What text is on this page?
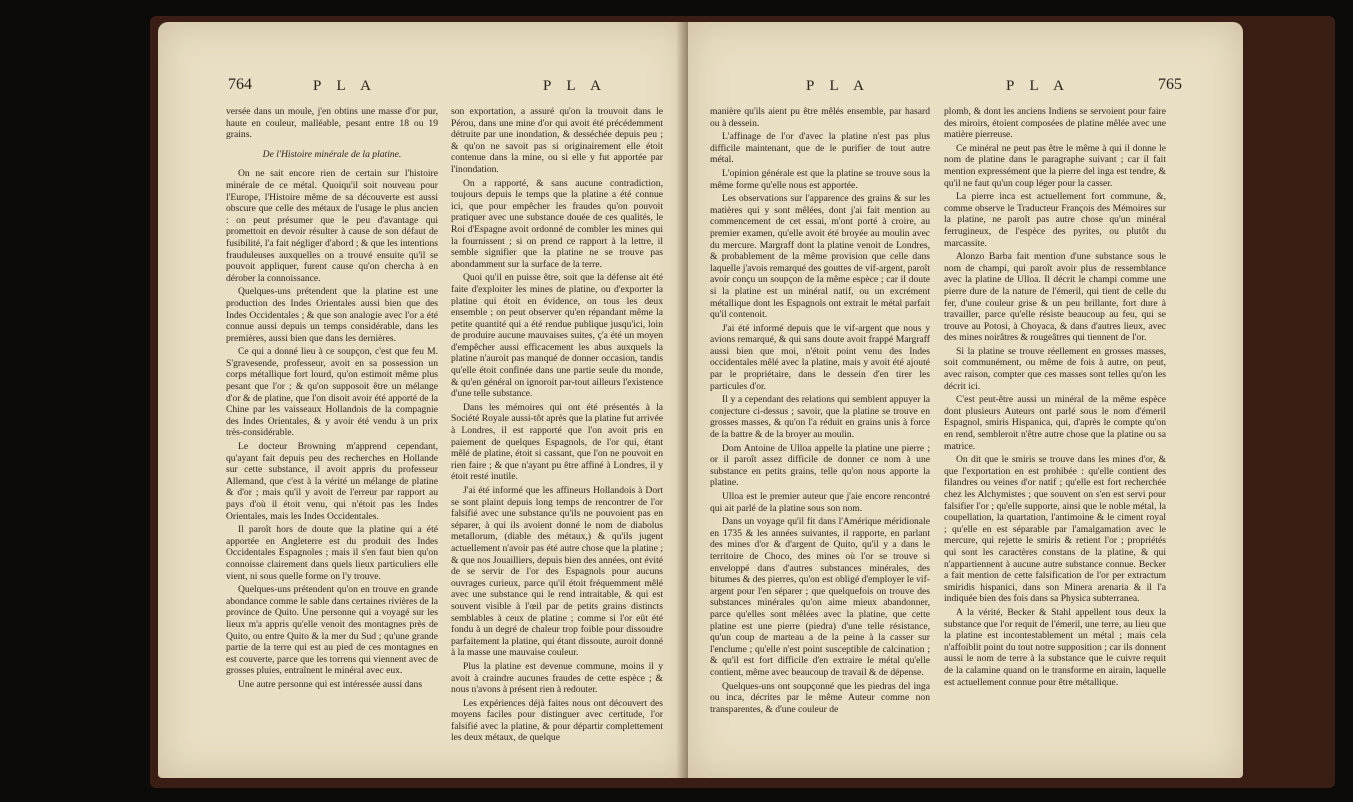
764	P L A	P L A

versée dans un moule, j'en obtins une masse d'or pur, haute en couleur, malléable, pesant entre 18 ou 19 grains.

De l'Histoire minérale de la platine.

On ne sait encore rien de certain sur l'histoire minérale de ce métal. Quoiqu'il soit nouveau pour l'Europe, l'Histoire même de sa découverte est aussi obscure que celle des métaux de l'usage le plus ancien : on peut présumer que le peu d'avantage qui promettoit en devoir résulter à cause de son défaut de fusibilité, l'a fait négliger d'abord ; & que les intentions frauduleuses auxquelles on a trouvé ensuite qu'il se pouvoit appliquer, furent cause qu'on chercha à en dérober la connoissance.

Quelques-uns prétendent que la platine est une production des Indes Orientales aussi bien que des Indes Occidentales ; & que son analogie avec l'or a été connue aussi depuis un temps considérable, dans les premières, aussi bien que dans les dernières.

Ce qui a donné lieu à ce soupçon, c'est que feu M. S'gravesende, professeur, avoit en sa possession un corps métallique fort lourd, qu'on estimoit même plus pesant que l'or ; & qu'on supposoit être un mélange d'or & de platine, que l'on disoit avoir été apporté de la Chine par les vaisseaux Hollandois de la compagnie des Indes Orientales, & y avoir été vendu à un prix très-considérable.

Le docteur Browning m'apprend cependant, qu'ayant fait depuis peu des recherches en Hollande sur cette substance, il avoit appris du professeur Allemand, que c'est à la vérité un mélange de platine & d'or ; mais qu'il y avoit de l'erreur par rapport au pays d'où il étoit venu, qui n'étoit pas les Indes Orientales, mais les Indes Occidentales.

Il paroît hors de doute que la platine qui a été apportée en Angleterre est du produit des Indes Occidentales Espagnoles ; mais il s'en faut bien qu'on connoisse clairement dans quels lieux particuliers elle vient, ni sous quelle forme on l'y trouve.

Quelques-uns prétendent qu'on en trouve en grande abondance comme le sable dans certaines rivières de la province de Quito. Une personne qui a voyagé sur les lieux m'a appris qu'elle venoit des montagnes près de Quito, ou entre Quito & la mer du Sud ; qu'une grande partie de la terre qui est au pied de ces montagnes en est couverte, parce que les torrens qui viennent avec de grosses pluies, entraînent le minéral avec eux.

Une autre personne qui est intéressée aussi dans

son exportation, a assuré qu'on la trouvoit dans le Pérou, dans une mine d'or qui avoit été précédemment détruite par une inondation, & desséchée depuis peu ; & qu'on ne savoit pas si originairement elle étoit contenue dans la mine, ou si elle y fut apportée par l'inondation.

On a rapporté, & sans aucune contradiction, toujours depuis le temps que la platine a été connue ici, que pour empêcher les fraudes qu'on pouvoit pratiquer avec une substance douée de ces qualités, le Roi d'Espagne avoit ordonné de combler les mines qui la fournissent ; si on prend ce rapport à la lettre, il semble signifier que la platine ne se trouve pas abondamment sur la surface de la terre.

Quoi qu'il en puisse être, soit que la défense ait été faite d'exploiter les mines de platine, ou d'exporter la platine qui étoit en évidence, on tous les deux ensemble ; on peut observer qu'en répandant même la petite quantité qui a été rendue publique jusqu'ici, loin de produire aucune mauvaises suites, ç'a été un moyen d'empêcher aussi efficacement les abus auxquels la platine n'auroit pas manqué de donner occasion, tandis qu'elle étoit confinée dans une partie seule du monde, & qu'en général on ignoroit par-tout ailleurs l'existence d'une telle substance.

Dans les mémoires qui ont été présentés à la Société Royale aussi-tôt après que la platine fut arrivée à Londres, il est rapporté que l'on avoit pris en paiement de quelques Espagnols, de l'or qui, étant mêlé de platine, étoit si cassant, que l'on ne pouvoit en rien faire ; & que n'ayant pu être affiné à Londres, il y étoit resté inutile.

J'ai été informé que les affineurs Hollandois à Dort se sont plaint depuis long temps de rencontrer de l'or falsifié avec une substance qu'ils ne pouvoient pas en séparer, à qui ils avoient donné le nom de diabolus metallorum, (diable des métaux,) & qu'ils jugent actuellement n'avoir pas été autre chose que la platine ; & que nos Jouailliers, depuis bien des années, ont évité de se servir de l'or des Espagnols pour aucuns ouvrages curieux, parce qu'il étoit fréquemment mêlé avec une substance qui le rend intraitable, & qui est souvent visible à l'œil par de petits grains distincts semblables à ceux de platine ; comme si l'or eût été fondu à un degré de chaleur trop foible pour dissoudre parfaitement la platine, qui étant dissoute, auroit donné à la masse une mauvaise couleur.

Plus la platine est devenue commune, moins il y avoit à craindre aucunes fraudes de cette espèce ; & nous n'avons à présent rien à redouter.

Les expériences déjà faites nous ont découvert des moyens faciles pour distinguer avec certitude, l'or falsifié avec la platine, & pour départir complettement les deux métaux, de quelque

P L A	P L A	765

manière qu'ils aient pu être mêlés ensemble, par hasard ou à dessein.

L'affinage de l'or d'avec la platine n'est pas plus difficile maintenant, que de le purifier de tout autre métal.

L'opinion générale est que la platine se trouve sous la même forme qu'elle nous est apportée.

Les observations sur l'apparence des grains & sur les matières qui y sont mêlées, dont j'ai fait mention au commencement de cet essai, m'ont porté à croire, au premier examen, qu'elle avoit été broyée au moulin avec du mercure. Margraff dont la platine venoit de Londres, & probablement de la même provision que celle dans laquelle j'avois remarqué des gouttes de vif-argent, paroît avoir conçu un soupçon de la même espèce ; car il doute si la platine est un minéral natif, ou un excrément métallique dont les Espagnols ont extrait le métal parfait qu'il contenoit.

J'ai été informé depuis que le vif-argent que nous y avions remarqué, & qui sans doute avoit frappé Margraff aussi bien que moi, n'étoit point venu des Indes occidentales mêlé avec la platine, mais y avoit été ajouté par le propriétaire, dans le dessein d'en tirer les particules d'or.

Il y a cependant des relations qui semblent appuyer la conjecture ci-dessus ; savoir, que la platine se trouve en grosses masses, & qu'on l'a réduit en grains unis à force de la battre & de la broyer au moulin.

Dom Antoine de Ulloa appelle la platine une pierre ; or il paroît assez difficile de donner ce nom à une substance en petits grains, telle qu'on nous apporte la platine.

Ulloa est le premier auteur que j'aie encore rencontré qui ait parlé de la platine sous son nom.

Dans un voyage qu'il fit dans l'Amérique méridionale en 1735 & les années suivantes, il rapporte, en parlant des mines d'or & d'argent de Quito, qu'il y a dans le territoire de Choco, des mines où l'or se trouve si enveloppé dans d'autres substances minérales, des bitumes & des pierres, qu'on est obligé d'employer le vif-argent pour l'en séparer ; que quelquefois on trouve des substances minérales qu'on aime mieux abandonner, parce qu'elles sont mêlées avec la platine, que cette platine est une pierre (piedra) d'une telle résistance, qu'un coup de marteau a de la peine à la casser sur l'enclume ; qu'elle n'est point susceptible de calcination ; & qu'il est fort difficile d'en extraire le métal qu'elle contient, même avec beaucoup de travail & de dépense.

Quelques-uns ont soupçonné que les piedras del inga ou inca, décrites par le même Auteur comme non transparentes, & d'une couleur de

plomb, & dont les anciens Indiens se servoient pour faire des miroirs, étoient composées de platine mêlée avec une matière pierreuse.

Ce minéral ne peut pas être le même à qui il donne le nom de platine dans le paragraphe suivant ; car il fait mention expressément que la pierre del inga est tendre, & qu'il ne faut qu'un coup léger pour la casser.

La pierre inca est actuellement fort commune, &, comme observe le Traducteur François des Mémoires sur la platine, ne paroît pas autre chose qu'un minéral ferrugineux, de l'espèce des pyrites, ou plutôt du marcassite.

Alonzo Barba fait mention d'une substance sous le nom de champi, qui paroît avoir plus de ressemblance avec la platine de Ulloa. Il décrit le champi comme une pierre dure de la nature de l'émeril, qui tient de celle du fer, d'une couleur grise & un peu brillante, fort dure à travailler, parce qu'elle résiste beaucoup au feu, qui se trouve au Potosi, à Choyaca, & dans d'autres lieux, avec des mines noirâtres & rougeâtres qui tiennent de l'or.

Si la platine se trouve réellement en grosses masses, soit communément, ou même de fois à autre, on peut, avec raison, compter que ces masses sont telles qu'on les décrit ici.

C'est peut-être aussi un minéral de la même espèce dont plusieurs Auteurs ont parlé sous le nom d'émeril Espagnol, smiris Hispanica, qui, d'après le compte qu'on en rend, sembleroit n'être autre chose que la platine ou sa matrice.

On dit que le smiris se trouve dans les mines d'or, & que l'exportation en est prohibée : qu'elle contient des filandres ou veines d'or natif ; qu'elle est fort recherchée chez les Alchymistes ; que souvent on s'en est servi pour falsifier l'or ; qu'elle supporte, ainsi que le noble métal, la coupellation, la quartation, l'antimoine & le ciment royal ; qu'elle en est séparable par l'amalgamation avec le mercure, qui rejette le smiris & retient l'or ; propriétés qui sont les caractères constans de la platine, & qui n'appartiennent à aucune autre substance connue. Becker a fait mention de cette falsification de l'or per extractum smiridis hispanici, dans son Minera arenaria & il l'a indiquée bien des fois dans sa Physica subterranea.

A la vérité, Becker & Stahl appellent tous deux la substance que l'or requit de l'émeril, une terre, au lieu que la platine est incontestablement un métal ; mais cela n'affoiblit point du tout notre supposition ; car ils donnent aussi le nom de terre à la substance que le cuivre requit de la calamine quand on le transforme en airain, laquelle est actuellement connue pour être métallique.
